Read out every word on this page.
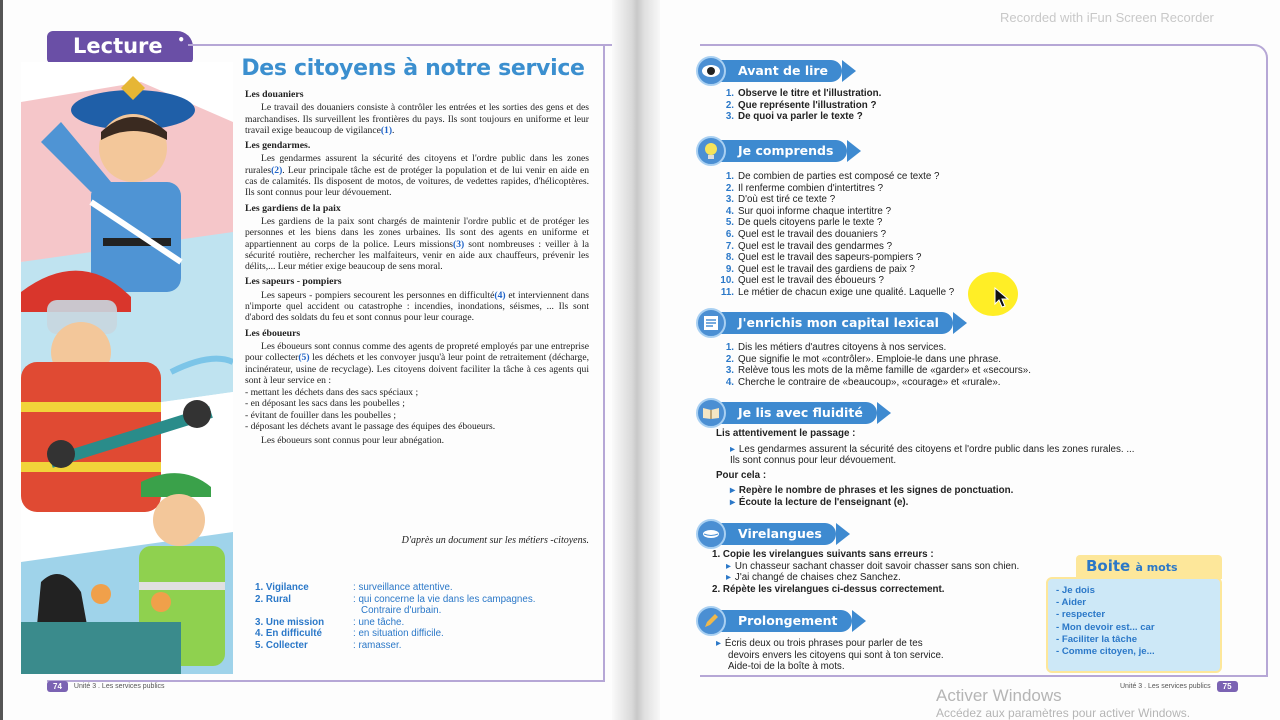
Lecture •
Des citoyens à notre service
Les douaniers

Le travail des douaniers consiste à contrôler les entrées et les sorties des gens et des marchandises. Ils surveillent les frontières du pays. Ils sont toujours en uniforme et leur travail exige beaucoup de vigilance(1).

Les gendarmes.

Les gendarmes assurent la sécurité des citoyens et l'ordre public dans les zones rurales(2). Leur principale tâche est de protéger la population et de lui venir en aide en cas de calamités. Ils disposent de motos, de voitures, de vedettes rapides, d'hélicoptères. Ils sont connus pour leur dévouement.

Les gardiens de la paix

Les gardiens de la paix sont chargés de maintenir l'ordre public et de protéger les personnes et les biens dans les zones urbaines. Ils sont des agents en uniforme et appartiennent au corps de la police. Leurs missions(3) sont nombreuses : veiller à la sécurité routière, rechercher les malfaiteurs, venir en aide aux chauffeurs, prévenir les délits,... Leur métier exige beaucoup de sens moral.

Les sapeurs - pompiers

Les sapeurs - pompiers secourent les personnes en difficulté(4) et interviennent dans n'importe quel accident ou catastrophe : incendies, inondations, séismes, ... Ils sont d'abord des soldats du feu et sont connus pour leur courage.

Les éboueurs

Les éboueurs sont connus comme des agents de propreté employés par une entreprise pour collecter(5) les déchets et les convoyer jusqu'à leur point de retraitement (décharge, incinérateur, usine de recyclage). Les citoyens doivent faciliter la tâche à ces agents qui sont à leur service en :

- mettant les déchets dans des sacs spéciaux ;

- en déposant les sacs dans les poubelles ;

- évitant de fouiller dans les poubelles ;

- déposant les déchets avant le passage des équipes des éboueurs.

Les éboueurs sont connus pour leur abnégation.

D'après un document sur les métiers -citoyens.
1. Vigilance	: surveillance attentive.
2. Rural	: qui concerne la vie dans les campagnes.
Contraire d'urbain.
3. Une mission	: une tâche.
4. En difficulté	: en situation difficile.
5. Collecter	: ramasser.
74	Unité 3 . Les services publics
Avant de lire
1. Observe le titre et l'illustration.
2. Que représente l'illustration ?
3. De quoi va parler le texte ?
Je comprends
1. De combien de parties est composé ce texte ?
2. Il renferme combien d'intertitres ?
3. D'où est tiré ce texte ?
4. Sur quoi informe chaque intertitre ?
5. De quels citoyens parle le texte ?
6. Quel est le travail des douaniers ?
7. Quel est le travail des gendarmes ?
8. Quel est le travail des sapeurs-pompiers ?
9. Quel est le travail des gardiens de paix ?
10. Quel est le travail des éboueurs ?
11. Le métier de chacun exige une qualité. Laquelle ?
J'enrichis mon capital lexical
1. Dis les métiers d'autres citoyens à nos services.
2. Que signifie le mot «contrôler». Emploie-le dans une phrase.
3. Relève tous les mots de la même famille de «garder» et «secours».
4. Cherche le contraire de «beaucoup», «courage» et «rurale».
Je lis avec fluidité
Lis attentivement le passage :
▸ Les gendarmes assurent la sécurité des citoyens et l'ordre public dans les zones rurales. ...
Ils sont connus pour leur dévouement.
Pour cela :
▸ Repère le nombre de phrases et les signes de ponctuation.
▸ Écoute la lecture de l'enseignant (e).
Virelangues
1. Copie les virelangues suivants sans erreurs :
▸ Un chasseur sachant chasser doit savoir chasser sans son chien.
▸ J'ai changé de chaises chez Sanchez.
2. Répète les virelangues ci-dessus correctement.
Prolongement
▸ Écris deux ou trois phrases pour parler de tes
devoirs envers les citoyens qui sont à ton service.
Aide-toi de la boîte à mots.
Boite à mots
- Je dois
- Aider
- respecter
- Mon devoir est... car
- Faciliter la tâche
- Comme citoyen, je...
Unité 3 . Les services publics	75
Recorded with iFun Screen Recorder
Activer Windows
Accédez aux paramètres pour activer Windows.
